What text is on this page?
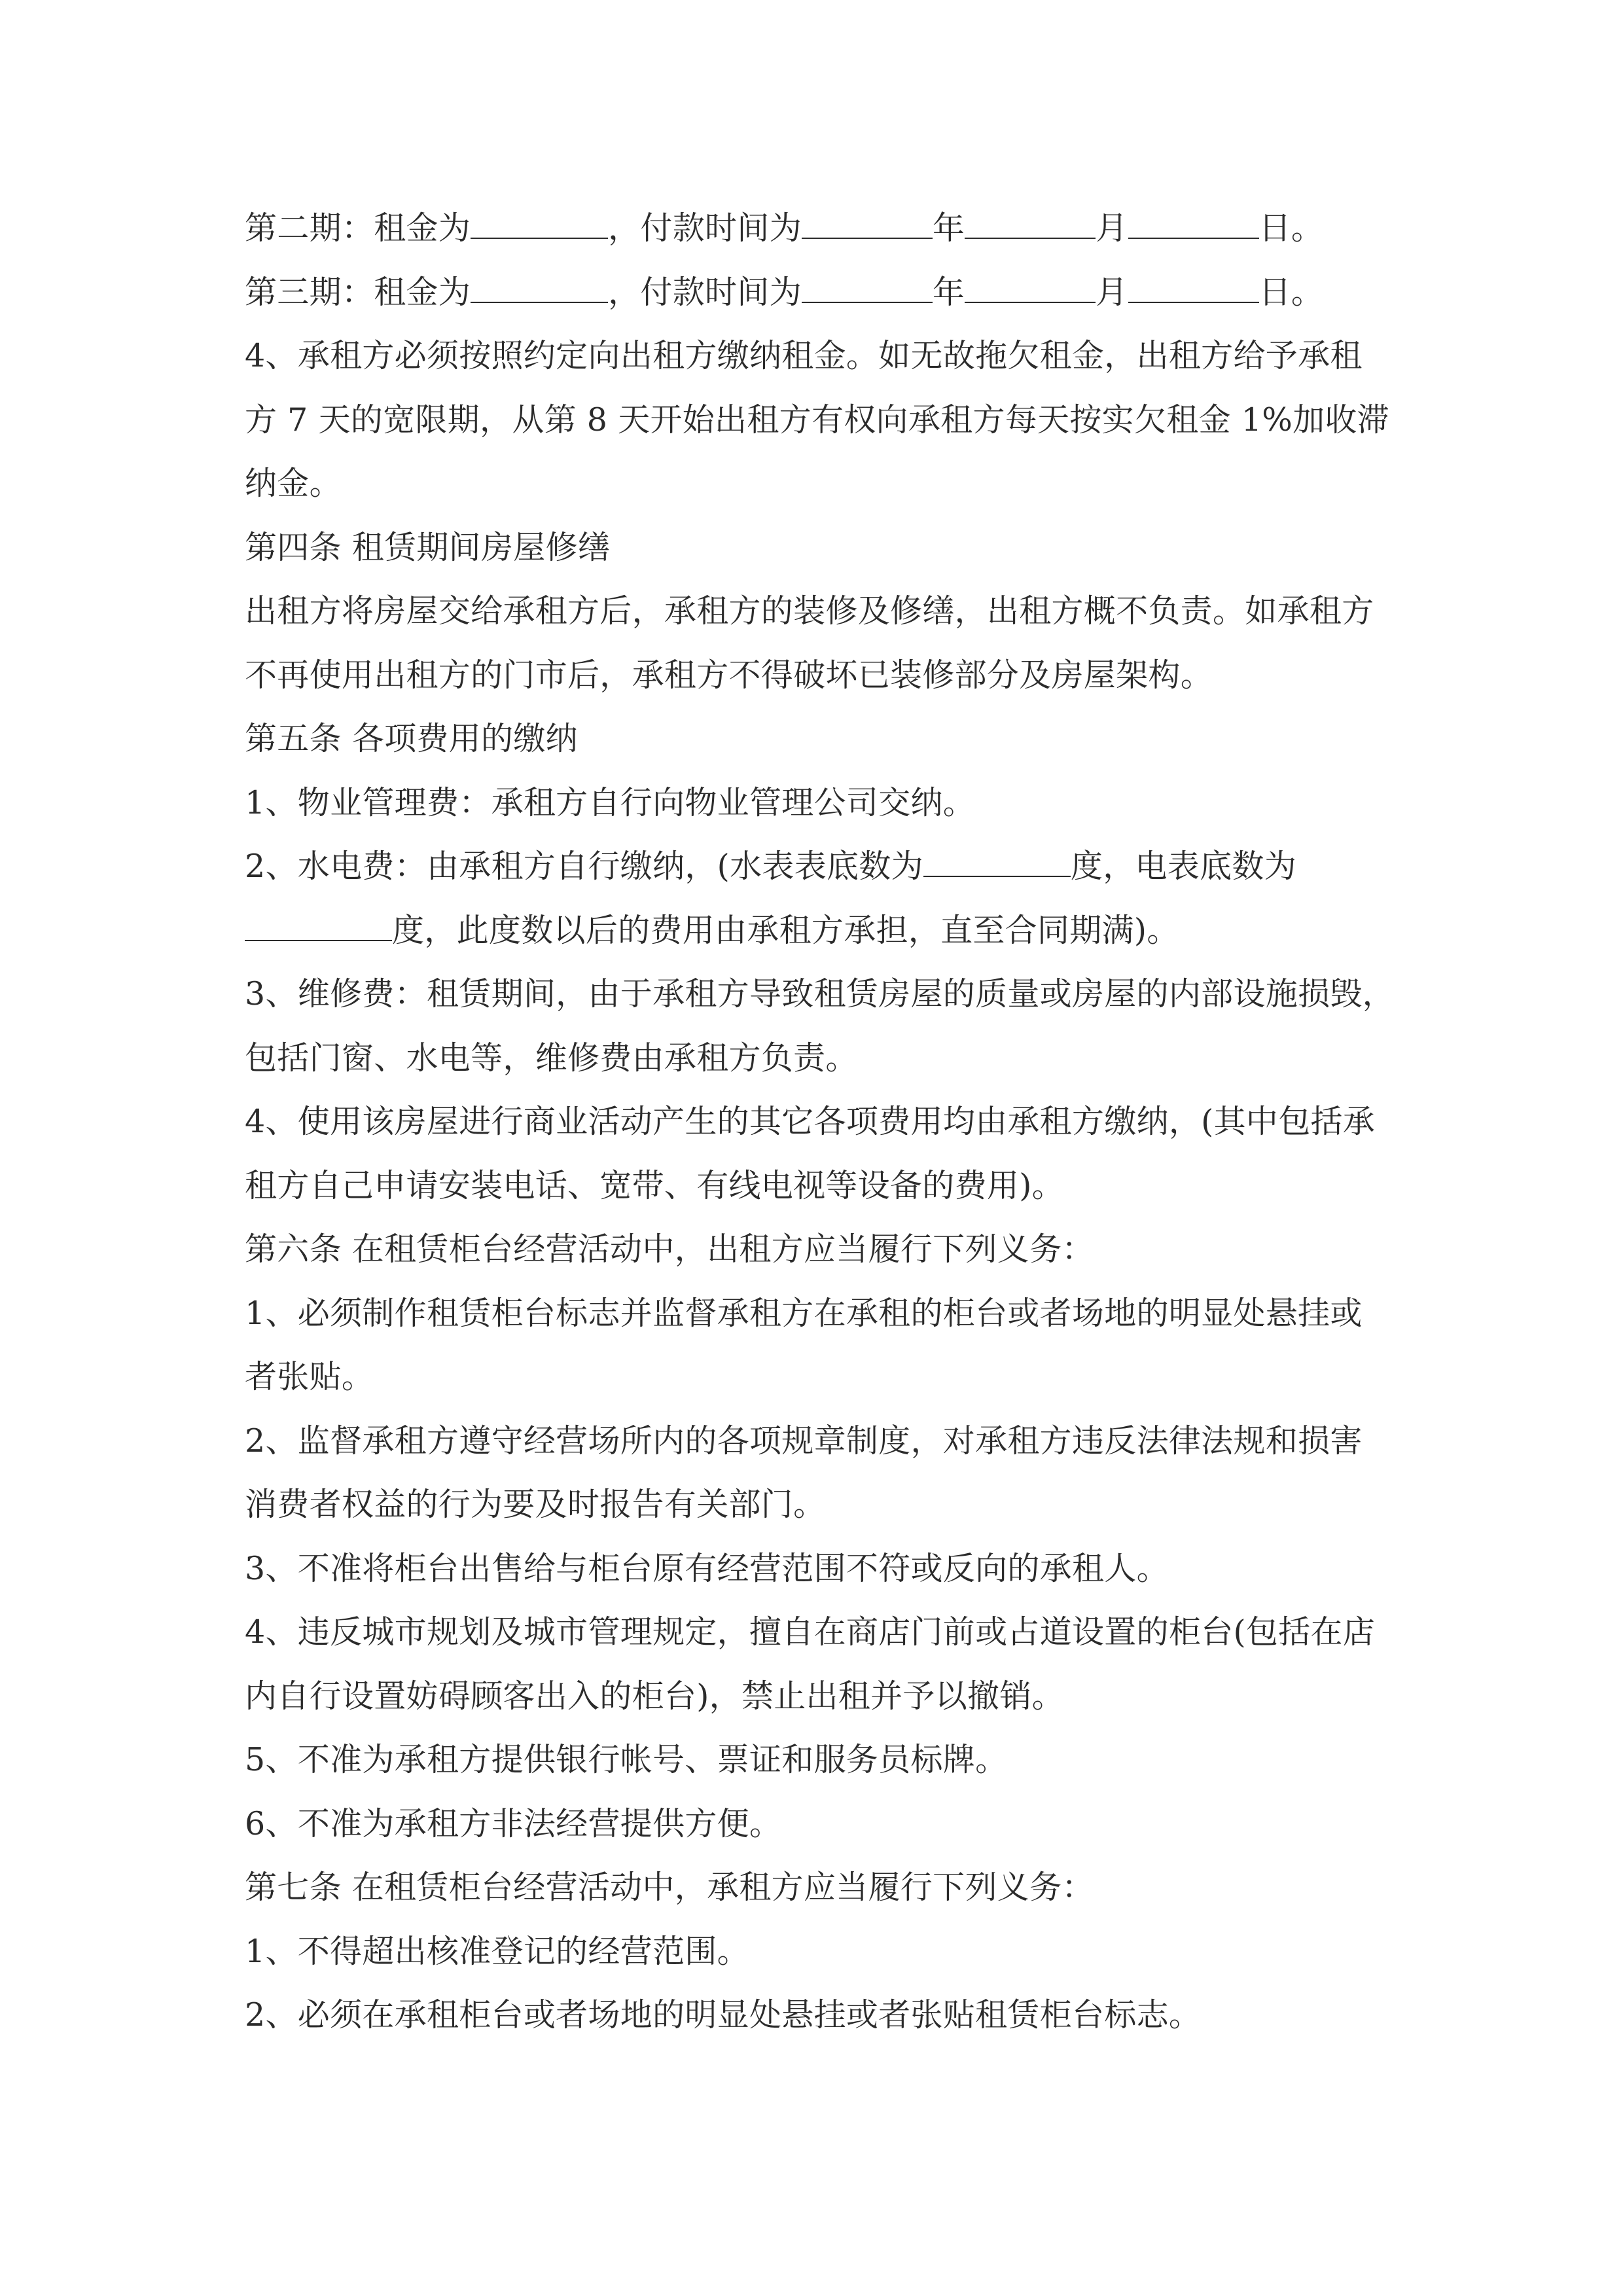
第二期：租金为	，付款时间为	年	月	日。
第三期：租金为	，付款时间为	年	月	日。
4、承租方必须按照约定向出租方缴纳租金。如无故拖欠租金，出租方给予承租
方 7 天的宽限期，从第 8 天开始出租方有权向承租方每天按实欠租金 1%加收滞
纳金。
第四条 租赁期间房屋修缮
出租方将房屋交给承租方后，承租方的装修及修缮，出租方概不负责。如承租方
不再使用出租方的门市后，承租方不得破坏已装修部分及房屋架构。
第五条 各项费用的缴纳
1、物业管理费：承租方自行向物业管理公司交纳。
2、水电费：由承租方自行缴纳，(水表表底数为	度，电表底数为
度，此度数以后的费用由承租方承担，直至合同期满)。
3、维修费：租赁期间，由于承租方导致租赁房屋的质量或房屋的内部设施损毁，
包括门窗、水电等，维修费由承租方负责。
4、使用该房屋进行商业活动产生的其它各项费用均由承租方缴纳，(其中包括承
租方自己申请安装电话、宽带、有线电视等设备的费用)。
第六条 在租赁柜台经营活动中，出租方应当履行下列义务：
1、必须制作租赁柜台标志并监督承租方在承租的柜台或者场地的明显处悬挂或
者张贴。
2、监督承租方遵守经营场所内的各项规章制度，对承租方违反法律法规和损害
消费者权益的行为要及时报告有关部门。
3、不准将柜台出售给与柜台原有经营范围不符或反向的承租人。
4、违反城市规划及城市管理规定，擅自在商店门前或占道设置的柜台(包括在店
内自行设置妨碍顾客出入的柜台)，禁止出租并予以撤销。
5、不准为承租方提供银行帐号、票证和服务员标牌。
6、不准为承租方非法经营提供方便。
第七条 在租赁柜台经营活动中，承租方应当履行下列义务：
1、不得超出核准登记的经营范围。
2、必须在承租柜台或者场地的明显处悬挂或者张贴租赁柜台标志。
